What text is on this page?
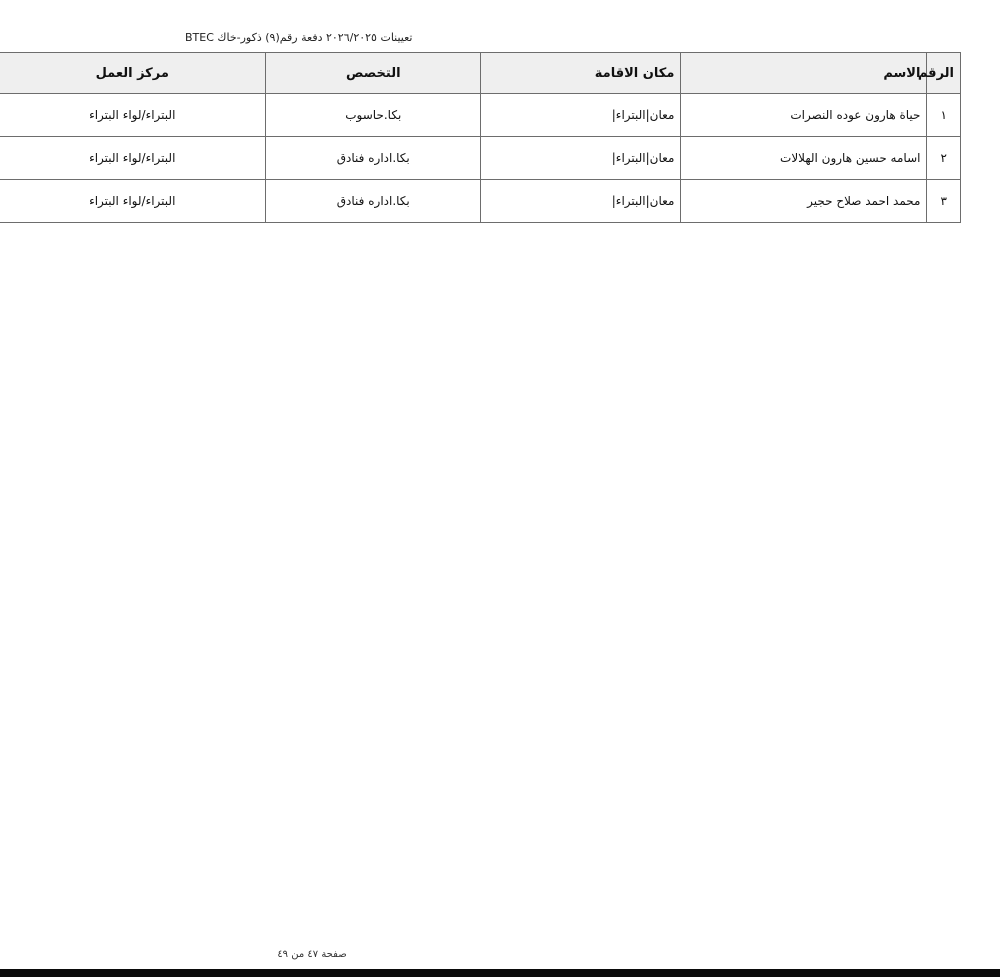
تعيينات ٢٠٢٦/٢٠٢٥ دفعة رقم(٩) ذكور-خاك BTEC
الرقم	الاسم	مكان الاقامة	التخصص	مركز العمل
١	حياة هارون عوده النصرات	معان|البتراء|	بكا.حاسوب	البتراء/لواء البتراء
٢	اسامه حسين هارون الهلالات	معان|البتراء|	بكا.اداره فنادق	البتراء/لواء البتراء
٣	محمد احمد صلاح حجير	معان|البتراء|	بكا.اداره فنادق	البتراء/لواء البتراء
صفحة ٤٧ من ٤٩
